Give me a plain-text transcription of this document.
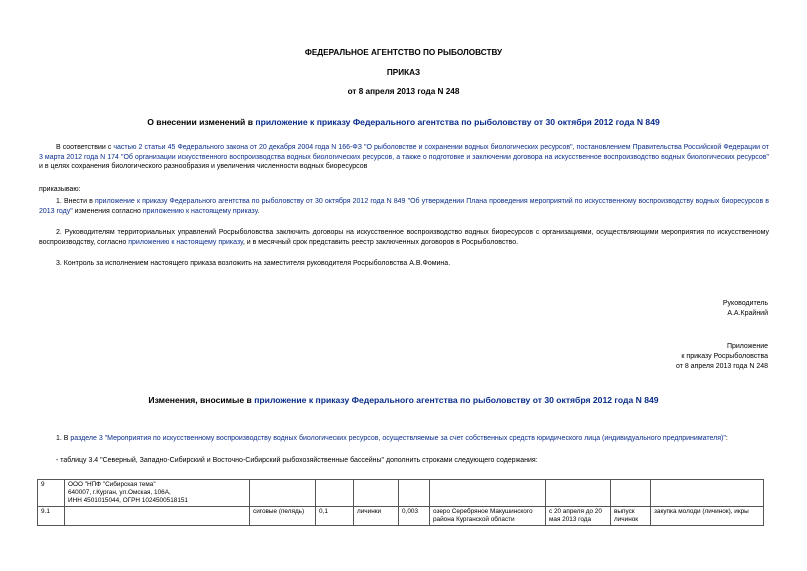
ФЕДЕРАЛЬНОЕ АГЕНТСТВО ПО РЫБОЛОВСТВУ
ПРИКАЗ
от 8 апреля 2013 года N 248
О внесении изменений в приложение к приказу Федерального агентства по рыболовству от 30 октября 2012 года N 849
В соответствии с частью 2 статьи 45 Федерального закона от 20 декабря 2004 года N 166-ФЗ "О рыболовстве и сохранении водных биологических ресурсов", постановлением Правительства Российской Федерации от 3 марта 2012 года N 174 "Об организации искусственного воспроизводства водных биологических ресурсов, а также о подготовке и заключении договора на искусственное воспроизводство водных биологических ресурсов" и в целях сохранения биологического разнообразия и увеличения численности водных биоресурсов
приказываю:
1. Внести в приложение к приказу Федерального агентства по рыболовству от 30 октября 2012 года N 849 "Об утверждении Плана проведения мероприятий по искусственному воспроизводству водных биоресурсов в 2013 году" изменения согласно приложению к настоящему приказу.
2. Руководителям территориальных управлений Росрыболовства заключить договоры на искусственное воспроизводство водных биоресурсов с организациями, осуществляющими мероприятия по искусственному воспроизводству, согласно приложению к настоящему приказу, и в месячный срок представить реестр заключенных договоров в Росрыболовство.
3. Контроль за исполнением настоящего приказа возложить на заместителя руководителя Росрыболовства А.В.Фомина.
Руководитель
А.А.Крайний
Приложение
к приказу Росрыболовства
от 8 апреля 2013 года N 248
Изменения, вносимые в приложение к приказу Федерального агентства по рыболовству от 30 октября 2012 года N 849
1. В разделе 3 "Мероприятия по искусственному воспроизводству водных биологических ресурсов, осуществляемые за счет собственных средств юридического лица (индивидуального предпринимателя)":
- таблицу 3.4 "Северный, Западно-Сибирский и Восточно-Сибирский рыбохозяйственные бассейны" дополнить строками следующего содержания:
9	ООО "НПФ "Сибирская тема"
640007, г.Курган, ул.Омская, 106А,
ИНН 4501015044, ОГРН 1024500518151								

9.1		сиговые (пелядь)	0,1	личинки	0,003	озеро Серебряное Макушинского района Курганской области	с 20 апреля до 20 мая 2013 года	выпуск личинок	закупка молоди (личинок), икры
